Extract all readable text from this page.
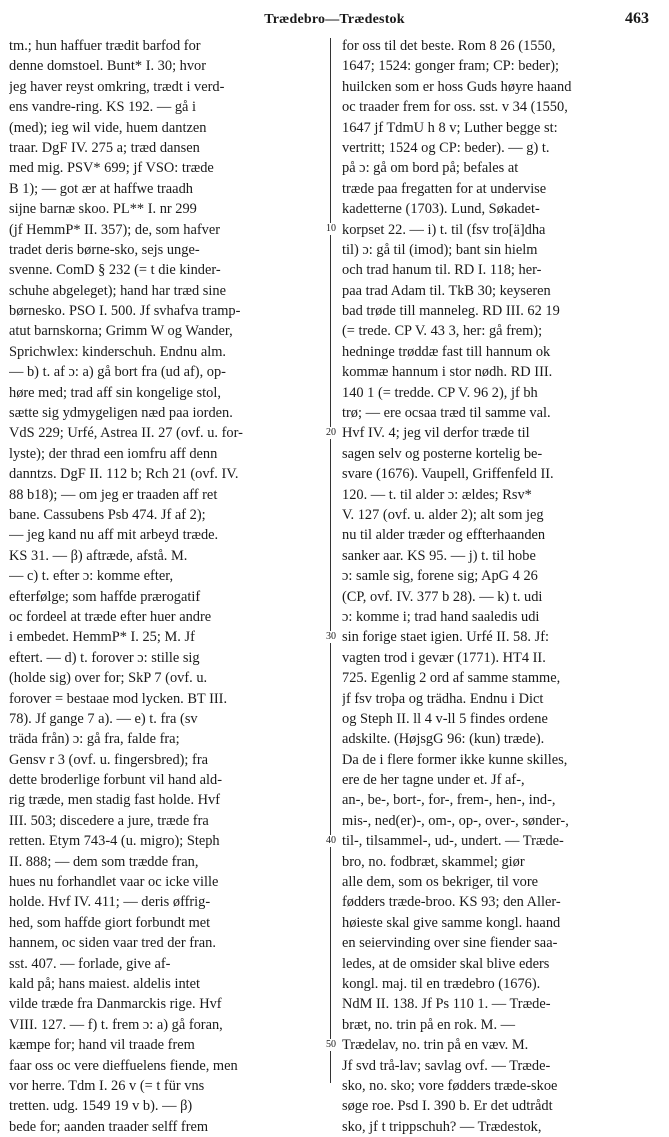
Trædebro—Trædestok	463
tm.; hun haffuer trædit barfod for
denne domstoel. Bunt* I. 30; hvor
jeg haver reyst omkring, trædt i verd-
ens vandre-ring. KS 192. — gå i
(med); ieg wil vide, huem dantzen
traar. DgF IV. 275 a; træd dansen
med mig. PSV* 699; jf VSO: træde
B 1); — got ær at haffwe traadh
sijne barnæ skoo. PL** I. nr 299
(jf HemmP* II. 357); de, som hafver
tradet deris børne-sko, sejs unge-
svenne. ComD § 232 (= t die kinder-
schuhe abgeleget); hand har træd sine
børnesko. PSO I. 500. Jf svhafva tramp-
atut barnskorna; Grimm W og Wander,
Sprichwlex: kinderschuh. Endnu alm.
— b) t. af ɔ: a) gå bort fra (ud af), op-
høre med; trad aff sin kongelige stol,
sætte sig ydmygeligen næd paa iorden.
VdS 229; Urfé, Astrea II. 27 (ovf. u. for-
lyste); der thrad een iomfru aff denn
danntzs. DgF II. 112 b; Rch 21 (ovf. IV.
88 b18); — om jeg er traaden aff ret
bane. Cassubens Psb 474. Jf af 2);
— jeg kand nu aff mit arbeyd træde.
KS 31. — β) aftræde, afstå. M.
— c) t. efter ɔ: komme efter,
efterfølge; som haffde prærogatif
oc fordeel at træde efter huer andre
i embedet. HemmP* I. 25; M. Jf
eftert. — d) t. forover ɔ: stille sig
(holde sig) over for; SkP 7 (ovf. u.
forover = bestaae mod lycken. BT III.
78). Jf gange 7 a). — e) t. fra (sv
träda från) ɔ: gå fra, falde fra;
Gensv r 3 (ovf. u. fingersbred); fra
dette broderlige forbunt vil hand ald-
rig træde, men stadig fast holde. Hvf
III. 503; discedere a jure, træde fra
retten. Etym 743-4 (u. migro); Steph
II. 888; — dem som trædde fran,
hues nu forhandlet vaar oc icke ville
holde. Hvf IV. 411; — deris øffrig-
hed, som haffde giort forbundt met
hannem, oc siden vaar tred der fran.
sst. 407. — forlade, give af-
kald på; hans maiest. aldelis intet
vilde træde fra Danmarckis rige. Hvf
VIII. 127. — f) t. frem ɔ: a) gå foran,
kæmpe for; hand vil traade frem
faar oss oc vere dieffuelens fiende, men
vor herre. Tdm I. 26 v (= t für vns
tretten. udg. 1549 19 v b). — β)
bede for; aanden traader selff frem
for oss til det beste. Rom 8 26 (1550,
1647; 1524: gonger fram; CP: beder);
huilcken som er hoss Guds høyre haand
oc traader frem for oss. sst. v 34 (1550,
1647 jf TdmU h 8 v; Luther begge st:
vertritt; 1524 og CP: beder). — g) t.
på ɔ: gå om bord på; befales at
træde paa fregatten for at undervise
kadetterne (1703). Lund, Søkadet-
korpset 22. — i) t. til (fsv tro[ä]dha
til) ɔ: gå til (imod); bant sin hielm
och trad hanum til. RD I. 118; her-
paa trad Adam til. TkB 30; keyseren
bad trøde till manneleg. RD III. 62 19
(= trede. CP V. 43 3, her: gå frem);
hedninge trøddæ fast till hannum ok
kommæ hannum i stor nødh. RD III.
140 1 (= tredde. CP V. 96 2), jf bh
trø; — ere ocsaa træd til samme val.
Hvf IV. 4; jeg vil derfor træde til
sagen selv og posterne kortelig be-
svare (1676). Vaupell, Griffenfeld II.
120. — t. til alder ɔ: ældes; Rsv*
V. 127 (ovf. u. alder 2); alt som jeg
nu til alder træder og effterhaanden
sanker aar. KS 95. — j) t. til hobe
ɔ: samle sig, forene sig; ApG 4 26
(CP, ovf. IV. 377 b 28). — k) t. udi
ɔ: komme i; trad hand saaledis udi
sin forige staet igien. Urfé II. 58. Jf:
vagten trod i gevær (1771). HT4 II.
725. Egenlig 2 ord af samme stamme,
jf fsv troþa og trädha. Endnu i Dict
og Steph II. ll 4 v-ll 5 findes ordene
adskilte. (HøjsgG 96: (kun) træde).
Da de i flere former ikke kunne skilles,
ere de her tagne under et. Jf af-,
an-, be-, bort-, for-, frem-, hen-, ind-,
mis-, ned(er)-, om-, op-, over-, sønder-,
til-, tilsammel-, ud-, undert. — Træde-
bro, no. fodbræt, skammel; giør
alle dem, som os bekriger, til vore
fødders træde-broo. KS 93; den Aller-
høieste skal give samme kongl. haand
en seiervinding over sine fiender saa-
ledes, at de omsider skal blive eders
kongl. maj. til en trædebro (1676).
NdM II. 138. Jf Ps 110 1. — Træde-
bræt, no. trin på en rok. M. —
Trædelav, no. trin på en væv. M.
Jf svd trå-lav; savlag ovf. — Træde-
sko, no. sko; vore fødders træde-skoe
søge roe. Psd I. 390 b. Er det udtrådt
sko, jf t trippschuh? — Trædestok,
10
20
30
40
50
